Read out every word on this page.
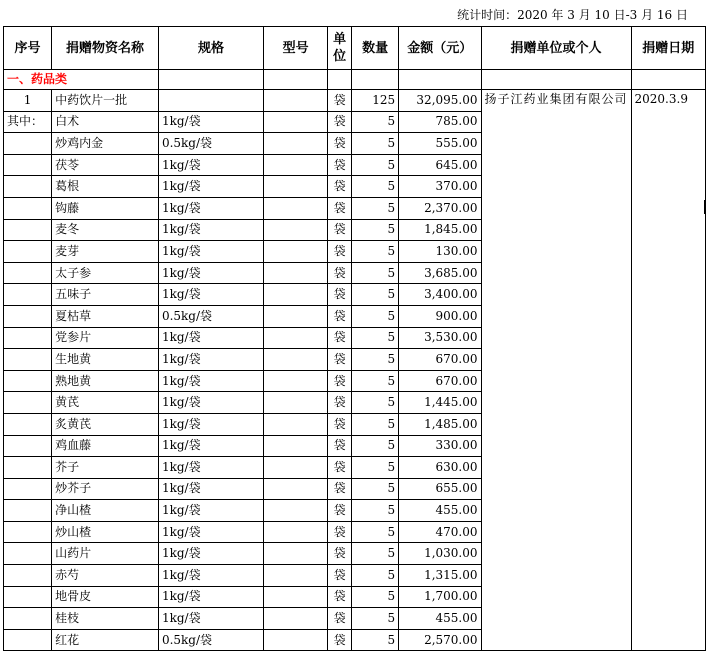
统计时间：2020 年 3 月 10 日-3 月 16 日
序号	捐赠物资名称	规格	型号	单位	数量	金额（元）	捐赠单位或个人	捐赠日期
一、药品类								
1	中药饮片一批			袋	125	32,095.00	扬子江药业集团有限公司	2020.3.9
其中：	白术	1kg/袋		袋	5	785.00		
	炒鸡内金	0.5kg/袋		袋	5	555.00		
	茯苓	1kg/袋		袋	5	645.00		
	葛根	1kg/袋		袋	5	370.00		
	钩藤	1kg/袋		袋	5	2,370.00		
	麦冬	1kg/袋		袋	5	1,845.00		
	麦芽	1kg/袋		袋	5	130.00		
	太子参	1kg/袋		袋	5	3,685.00		
	五味子	1kg/袋		袋	5	3,400.00		
	夏枯草	0.5kg/袋		袋	5	900.00		
	党参片	1kg/袋		袋	5	3,530.00		
	生地黄	1kg/袋		袋	5	670.00		
	熟地黄	1kg/袋		袋	5	670.00		
	黄芪	1kg/袋		袋	5	1,445.00		
	炙黄芪	1kg/袋		袋	5	1,485.00		
	鸡血藤	1kg/袋		袋	5	330.00		
	芥子	1kg/袋		袋	5	630.00		
	炒芥子	1kg/袋		袋	5	655.00		
	净山楂	1kg/袋		袋	5	455.00		
	炒山楂	1kg/袋		袋	5	470.00		
	山药片	1kg/袋		袋	5	1,030.00		
	赤芍	1kg/袋		袋	5	1,315.00		
	地骨皮	1kg/袋		袋	5	1,700.00		
	桂枝	1kg/袋		袋	5	455.00		
	红花	0.5kg/袋		袋	5	2,570.00		
